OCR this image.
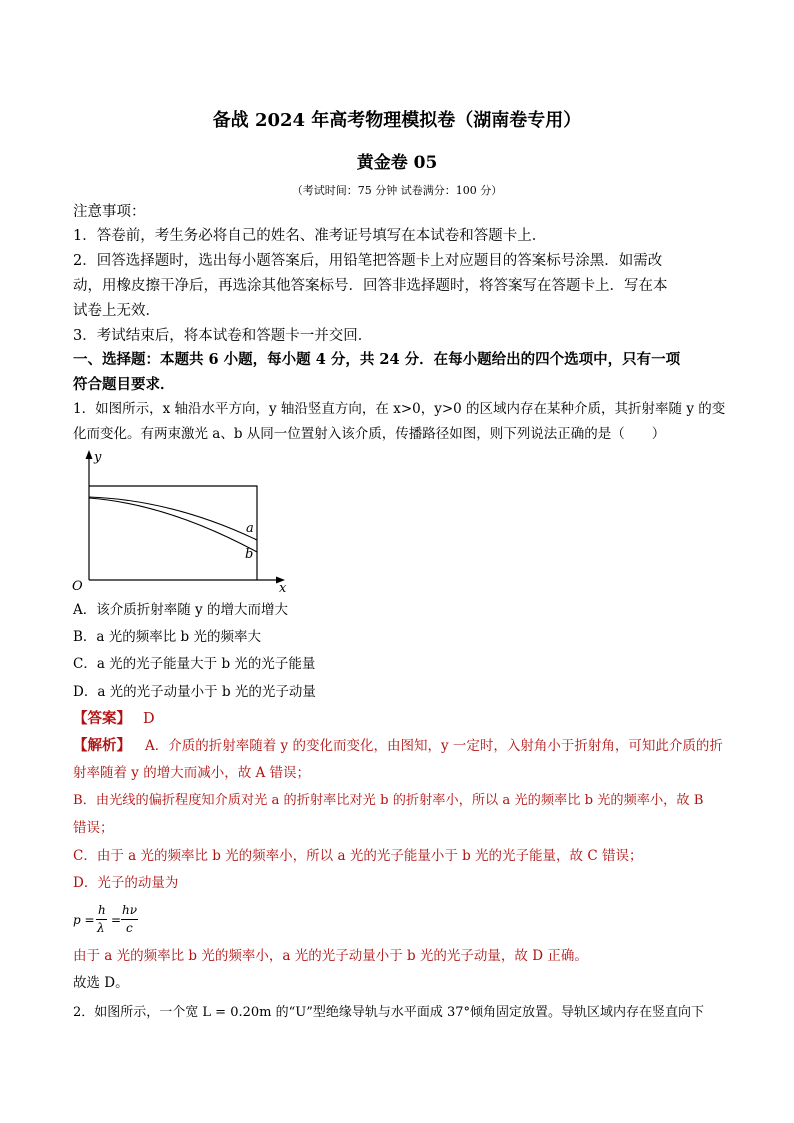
备战 2024 年高考物理模拟卷（湖南卷专用）
黄金卷 05
（考试时间：75 分钟 试卷满分：100 分）
注意事项：
1．答卷前，考生务必将自己的姓名、准考证号填写在本试卷和答题卡上．
2．回答选择题时，选出每小题答案后，用铅笔把答题卡上对应题目的答案标号涂黑．如需改
动，用橡皮擦干净后，再选涂其他答案标号．回答非选择题时，将答案写在答题卡上．写在本
试卷上无效．
3．考试结束后，将本试卷和答题卡一并交回．
一、选择题：本题共 6 小题，每小题 4 分，共 24 分．在每小题给出的四个选项中，只有一项
符合题目要求．
1．如图所示，x 轴沿水平方向，y 轴沿竖直方向，在 x>0，y>0 的区域内存在某种介质，其折射率随 y 的变
化而变化。有两束激光 a、b 从同一位置射入该介质，传播路径如图，则下列说法正确的是（　　）
y
x
O
a
b
A．该介质折射率随 y 的增大而增大
B．a 光的频率比 b 光的频率大
C．a 光的光子能量大于 b 光的光子能量
D．a 光的光子动量小于 b 光的光子动量
【答案】 D
【解析】 A．介质的折射率随着 y 的变化而变化，由图知，y 一定时，入射角小于折射角，可知此介质的折
射率随着 y 的增大而减小，故 A 错误；
B．由光线的偏折程度知介质对光 a 的折射率比对光 b 的折射率小，所以 a 光的频率比 b 光的频率小，故 B
错误；
C．由于 a 光的频率比 b 光的频率小，所以 a 光的光子能量小于 b 光的光子能量，故 C 错误；
D．光子的动量为
p =
h
λ
=
hν
c
由于 a 光的频率比 b 光的频率小，a 光的光子动量小于 b 光的光子动量，故 D 正确。
故选 D。
2．如图所示，一个宽 L = 0.20m 的“U”型绝缘导轨与水平面成 37°倾角固定放置。导轨区域内存在竖直向下
